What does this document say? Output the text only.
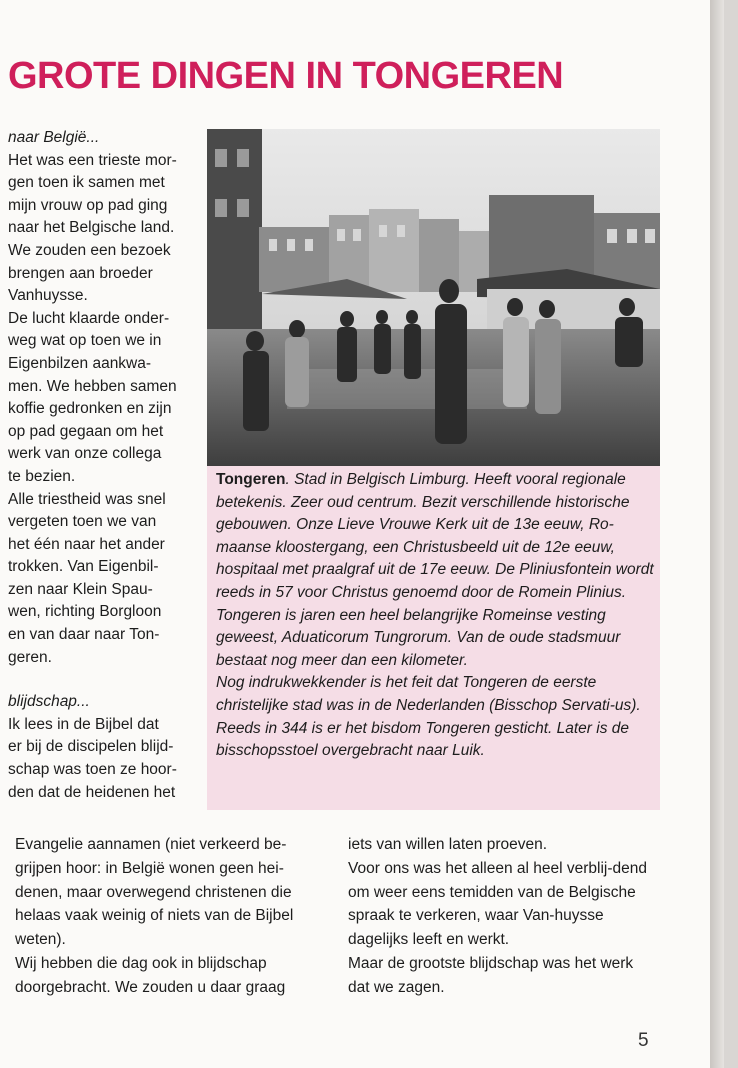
GROTE DINGEN IN TONGEREN

naar België...

Het was een trieste mor-

gen toen ik samen met

mijn vrouw op pad ging

naar het Belgische land.

We zouden een bezoek

brengen aan broeder

Vanhuysse.

De lucht klaarde onder-

weg wat op toen we in

Eigenbilzen aankwa-

men. We hebben samen

koffie gedronken en zijn

op pad gegaan om het

werk van onze collega

te bezien.

Alle triestheid was snel

vergeten toen we van

het één naar het ander

trokken. Van Eigenbil-

zen naar Klein Spau-

wen, richting Borgloon

en van daar naar Ton-

geren.

blijdschap...

Ik lees in de Bijbel dat

er bij de discipelen blijd-

schap was toen ze hoor-

den dat de heidenen het

Tongeren. Stad in Belgisch Limburg. Heeft vooral regionale betekenis. Zeer oud centrum. Bezit verschillende historische gebouwen. Onze Lieve Vrouwe Kerk uit de 13e eeuw, Ro-maanse kloostergang, een Christusbeeld uit de 12e eeuw, hospitaal met praalgraf uit de 17e eeuw. De Pliniusfontein wordt reeds in 57 voor Christus genoemd door de Romein Plinius.

Tongeren is jaren een heel belangrijke Romeinse vesting geweest, Aduaticorum Tungrorum. Van de oude stadsmuur bestaat nog meer dan een kilometer.

Nog indrukwekkender is het feit dat Tongeren de eerste christelijke stad was in de Nederlanden (Bisschop Servati-us). Reeds in 344 is er het bisdom Tongeren gesticht. Later is de bisschopsstoel overgebracht naar Luik.

Evangelie aannamen (niet verkeerd be-grijpen hoor: in België wonen geen hei-denen, maar overwegend christenen die helaas vaak weinig of niets van de Bijbel weten).

Wij hebben die dag ook in blijdschap doorgebracht. We zouden u daar graag

iets van willen laten proeven.

Voor ons was het alleen al heel verblij-dend om weer eens temidden van de Belgische spraak te verkeren, waar Van-huysse dagelijks leeft en werkt.

Maar de grootste blijdschap was het werk dat we zagen.

5
